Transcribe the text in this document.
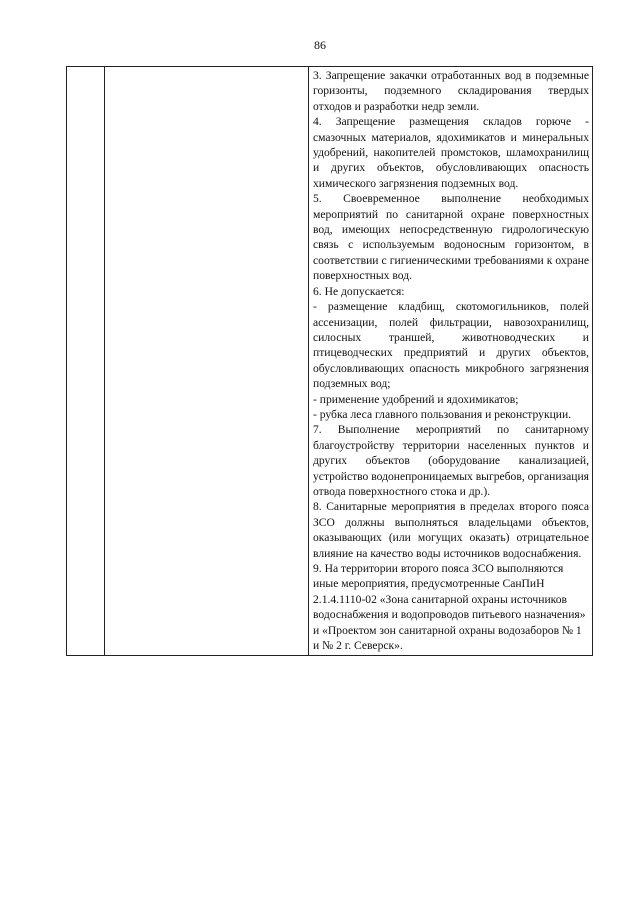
86

3. Запрещение закачки отработанных вод в подземные горизонты, подземного складирования твердых отходов и разработки недр земли.

4. Запрещение размещения складов горюче - смазочных материалов, ядохимикатов и минеральных удобрений, накопителей промстоков, шламохранилищ и других объектов, обусловливающих опасность химического загрязнения подземных вод.

5. Своевременное выполнение необходимых мероприятий по санитарной охране поверхностных вод, имеющих непосредственную гидрологическую связь с используемым водоносным горизонтом, в соответствии с гигиеническими требованиями к охране поверхностных вод.

6. Не допускается:

- размещение кладбищ, скотомогильников, полей ассенизации, полей фильтрации, навозохранилищ, силосных траншей, животноводческих и птицеводческих предприятий и других объектов, обусловливающих опасность микробного загрязнения подземных вод;

- применение удобрений и ядохимикатов;

- рубка леса главного пользования и реконструкции.

7. Выполнение мероприятий по санитарному благоустройству территории населенных пунктов и других объектов (оборудование канализацией, устройство водонепроницаемых выгребов, организация отвода поверхностного стока и др.).

8. Санитарные мероприятия в пределах второго пояса ЗСО должны выполняться владельцами объектов, оказывающих (или могущих оказать) отрицательное влияние на качество воды источников водоснабжения.

9. На территории второго пояса ЗСО выполняются иные мероприятия, предусмотренные СанПиН 2.1.4.1110-02 «Зона санитарной охраны источников водоснабжения и водопроводов питьевого назначения» и «Проектом зон санитарной охраны водозаборов № 1 и № 2 г. Северск».
